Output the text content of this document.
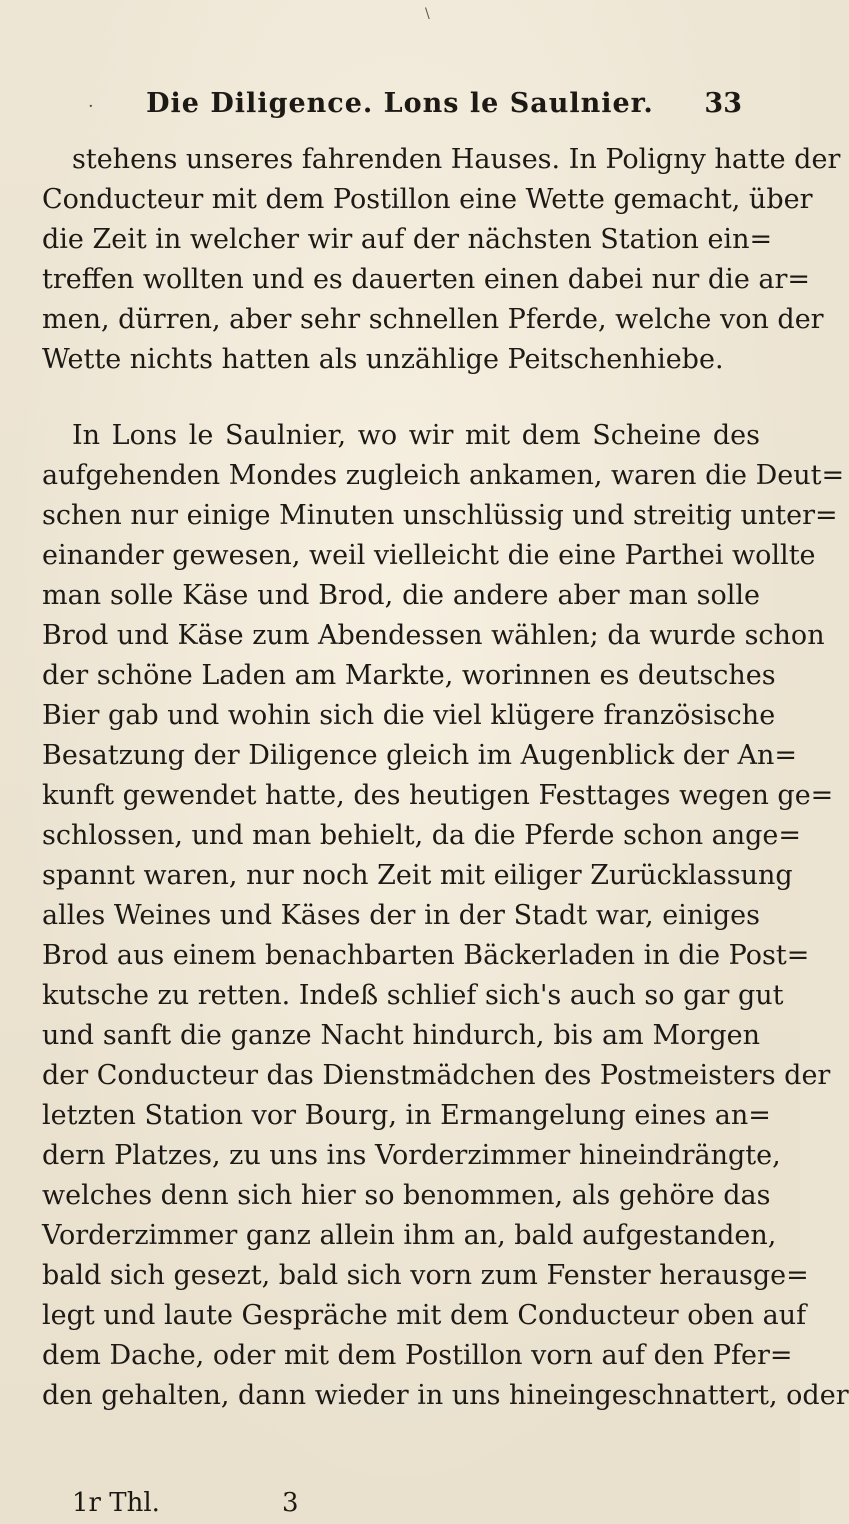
\
·	Die Diligence. Lons le Saulnier.	33
stehens unseres fahrenden Hauses. In Poligny hatte der
Conducteur mit dem Postillon eine Wette gemacht, über
die Zeit in welcher wir auf der nächsten Station ein=
treffen wollten und es dauerten einen dabei nur die ar=
men, dürren, aber sehr schnellen Pferde, welche von der
Wette nichts hatten als unzählige Peitschenhiebe.
In Lons le Saulnier, wo wir mit dem Scheine des
aufgehenden Mondes zugleich ankamen, waren die Deut=
schen nur einige Minuten unschlüssig und streitig unter=
einander gewesen, weil vielleicht die eine Parthei wollte
man solle Käse und Brod, die andere aber man solle
Brod und Käse zum Abendessen wählen; da wurde schon
der schöne Laden am Markte, worinnen es deutsches
Bier gab und wohin sich die viel klügere französische
Besatzung der Diligence gleich im Augenblick der An=
kunft gewendet hatte, des heutigen Festtages wegen ge=
schlossen, und man behielt, da die Pferde schon ange=
spannt waren, nur noch Zeit mit eiliger Zurücklassung
alles Weines und Käses der in der Stadt war, einiges
Brod aus einem benachbarten Bäckerladen in die Post=
kutsche zu retten. Indeß schlief sich's auch so gar gut
und sanft die ganze Nacht hindurch, bis am Morgen
der Conducteur das Dienstmädchen des Postmeisters der
letzten Station vor Bourg, in Ermangelung eines an=
dern Platzes, zu uns ins Vorderzimmer hineindrängte,
welches denn sich hier so benommen, als gehöre das
Vorderzimmer ganz allein ihm an, bald aufgestanden,
bald sich gesezt, bald sich vorn zum Fenster herausge=
legt und laute Gespräche mit dem Conducteur oben auf
dem Dache, oder mit dem Postillon vorn auf den Pfer=
den gehalten, dann wieder in uns hineingeschnattert, oder
1r Thl.	3
